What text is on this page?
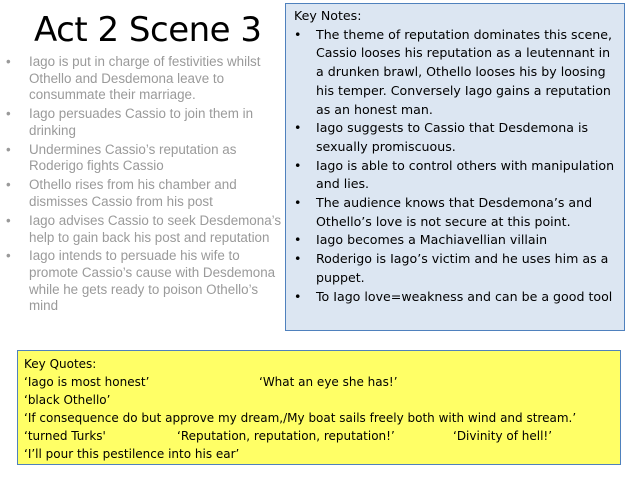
Act 2 Scene 3
• Iago is put in charge of festivities whilst Othello and Desdemona leave to consummate their marriage.
• Iago persuades Cassio to join them in drinking
• Undermines Cassio’s reputation as Roderigo fights Cassio
• Othello rises from his chamber and dismisses Cassio from his post
• Iago advises Cassio to seek Desdemona’s help to gain back his post and reputation
• Iago intends to persuade his wife to promote Cassio’s cause with Desdemona while he gets ready to poison Othello’s mind

Key Notes:

• The theme of reputation dominates this scene, Cassio looses his reputation as a leutennant in a drunken brawl, Othello looses his by loosing his temper. Conversely Iago gains a reputation as an honest man.
• Iago suggests to Cassio that Desdemona is sexually promiscuous.
• Iago is able to control others with manipulation and lies.
• The audience knows that Desdemona’s and Othello’s love is not secure at this point.
• Iago becomes a Machiavellian villain
• Roderigo is Iago’s victim and he uses him as a puppet.
• To Iago love=weakness and can be a good tool
Key Quotes:
‘Iago is most honest’	‘What an eye she has!’
‘black Othello’
‘If consequence do but approve my dream,/My boat sails freely both with wind and stream.’
‘turned Turks'	‘Reputation, reputation, reputation!’	‘Divinity of hell!’
‘I’ll pour this pestilence into his ear’
